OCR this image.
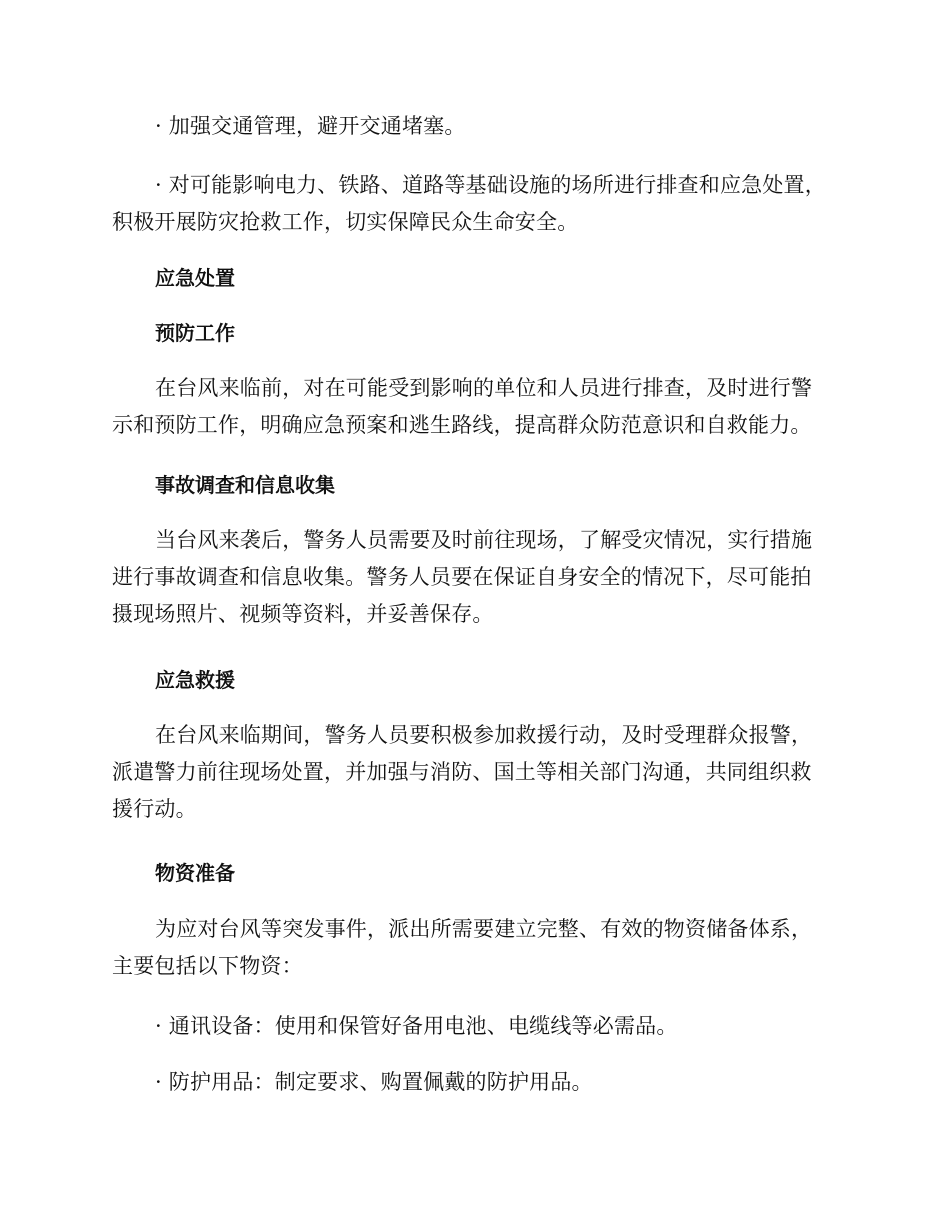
· 加强交通管理，避开交通堵塞。

· 对可能影响电力、铁路、道路等基础设施的场所进行排查和应急处置，积极开展防灾抢救工作，切实保障民众生命安全。

应急处置
预防工作

在台风来临前，对在可能受到影响的单位和人员进行排查，及时进行警示和预防工作，明确应急预案和逃生路线，提高群众防范意识和自救能力。

事故调查和信息收集

当台风来袭后，警务人员需要及时前往现场，了解受灾情况，实行措施进行事故调查和信息收集。警务人员要在保证自身安全的情况下，尽可能拍摄现场照片、视频等资料，并妥善保存。

应急救援

在台风来临期间，警务人员要积极参加救援行动，及时受理群众报警，派遣警力前往现场处置，并加强与消防、国土等相关部门沟通，共同组织救援行动。

物资准备

为应对台风等突发事件，派出所需要建立完整、有效的物资储备体系，主要包括以下物资：

· 通讯设备：使用和保管好备用电池、电缆线等必需品。

· 防护用品：制定要求、购置佩戴的防护用品。
